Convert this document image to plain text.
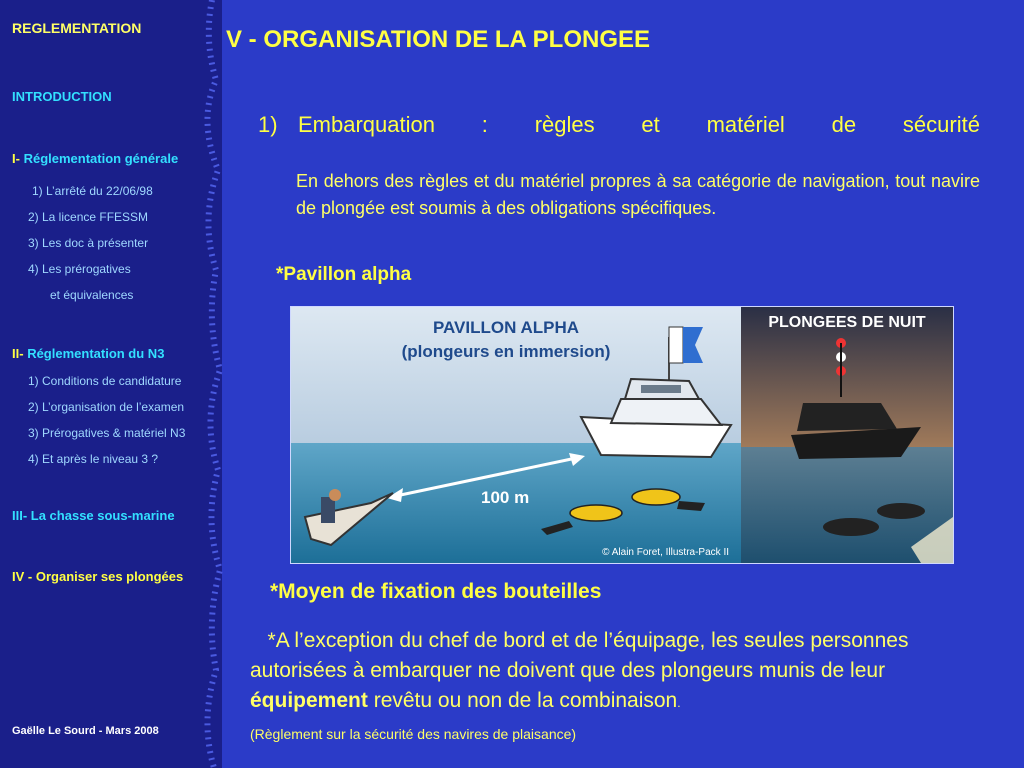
REGLEMENTATION
INTRODUCTION
I- Réglementation générale
1) L’arrêté du 22/06/98
2) La licence FFESSM
3) Les doc à présenter
4) Les prérogatives
et équivalences
II- Réglementation du N3
1) Conditions de candidature
2) L’organisation de l’examen
3) Prérogatives & matériel N3
4) Et après le niveau 3 ?
III- La chasse sous-marine
IV - Organiser ses plongées
Gaëlle Le Sourd - Mars 2008
V - ORGANISATION DE LA PLONGEE
1) Embarquation : règles et matériel de sécurité
En dehors des règles et du matériel propres à sa catégorie de navigation, tout navire de plongée est soumis à des obligations spécifiques.
*Pavillon alpha
PAVILLON ALPHA
(plongeurs en immersion)
PLONGEES DE NUIT
100 m
© Alain Foret, Illustra-Pack II
*Moyen de fixation des bouteilles
*A l’exception du chef de bord et de l’équipage, les seules personnes autorisées à embarquer ne doivent que des plongeurs munis de leur équipement revêtu ou non de la combinaison.
(Règlement sur la sécurité des navires de plaisance)
